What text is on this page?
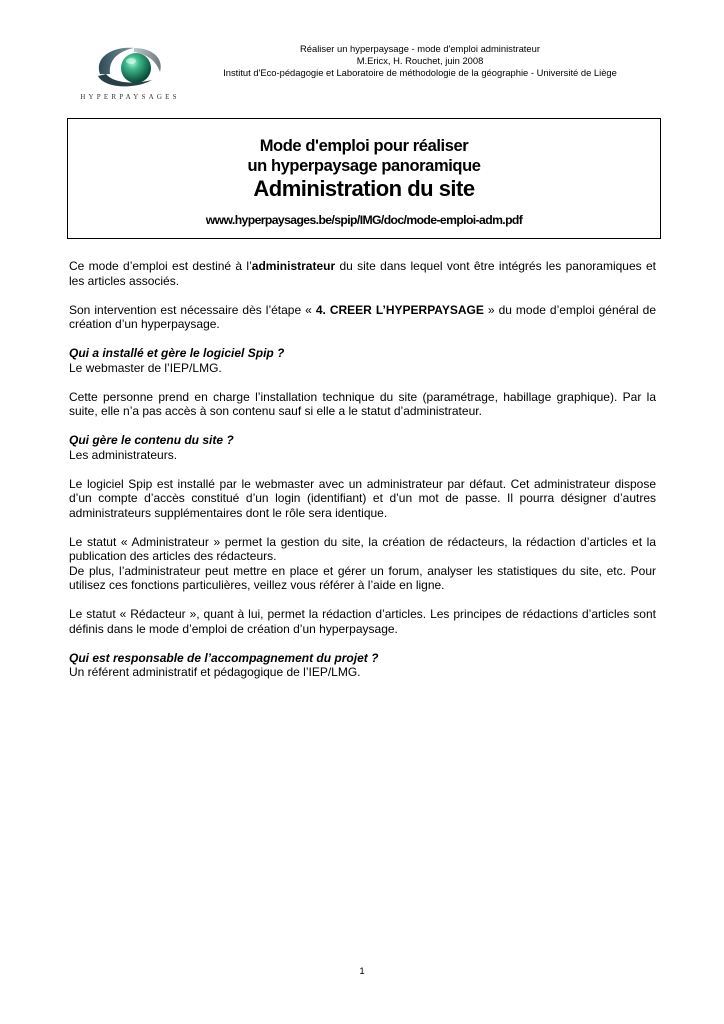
HYPERPAYSAGES
Réaliser un hyperpaysage - mode d'emploi administrateur
M.Ericx, H. Rouchet, juin 2008
Institut d'Eco-pédagogie et Laboratoire de méthodologie de la géographie - Université de Liège
Mode d'emploi pour réaliser
un hyperpaysage panoramique
Administration du site
www.hyperpaysages.be/spip/IMG/doc/mode-emploi-adm.pdf

Ce mode d’emploi est destiné à l’administrateur du site dans lequel vont être intégrés les panoramiques et les articles associés.

Son intervention est nécessaire dès l’étape « 4. CREER L’HYPERPAYSAGE » du mode d’emploi général de création d’un hyperpaysage.

Qui a installé et gère le logiciel Spip ?

Le webmaster de l’IEP/LMG.

Cette personne prend en charge l’installation technique du site (paramétrage, habillage graphique). Par la suite, elle n’a pas accès à son contenu sauf si elle a le statut d’administrateur.

Qui gère le contenu du site ?

Les administrateurs.

Le logiciel Spip est installé par le webmaster avec un administrateur par défaut. Cet administrateur dispose d’un compte d’accès constitué d’un login (identifiant) et d’un mot de passe. Il pourra désigner d’autres administrateurs supplémentaires dont le rôle sera identique.

Le statut « Administrateur » permet la gestion du site, la création de rédacteurs, la rédaction d’articles et la publication des articles des rédacteurs.

De plus, l’administrateur peut mettre en place et gérer un forum, analyser les statistiques du site, etc. Pour utilisez ces fonctions particulières, veillez vous référer à l’aide en ligne.

Le statut « Rédacteur », quant à lui, permet la rédaction d’articles. Les principes de rédactions d’articles sont définis dans le mode d’emploi de création d’un hyperpaysage.

Qui est responsable de l’accompagnement du projet ?

Un référent administratif et pédagogique de l’IEP/LMG.

1
